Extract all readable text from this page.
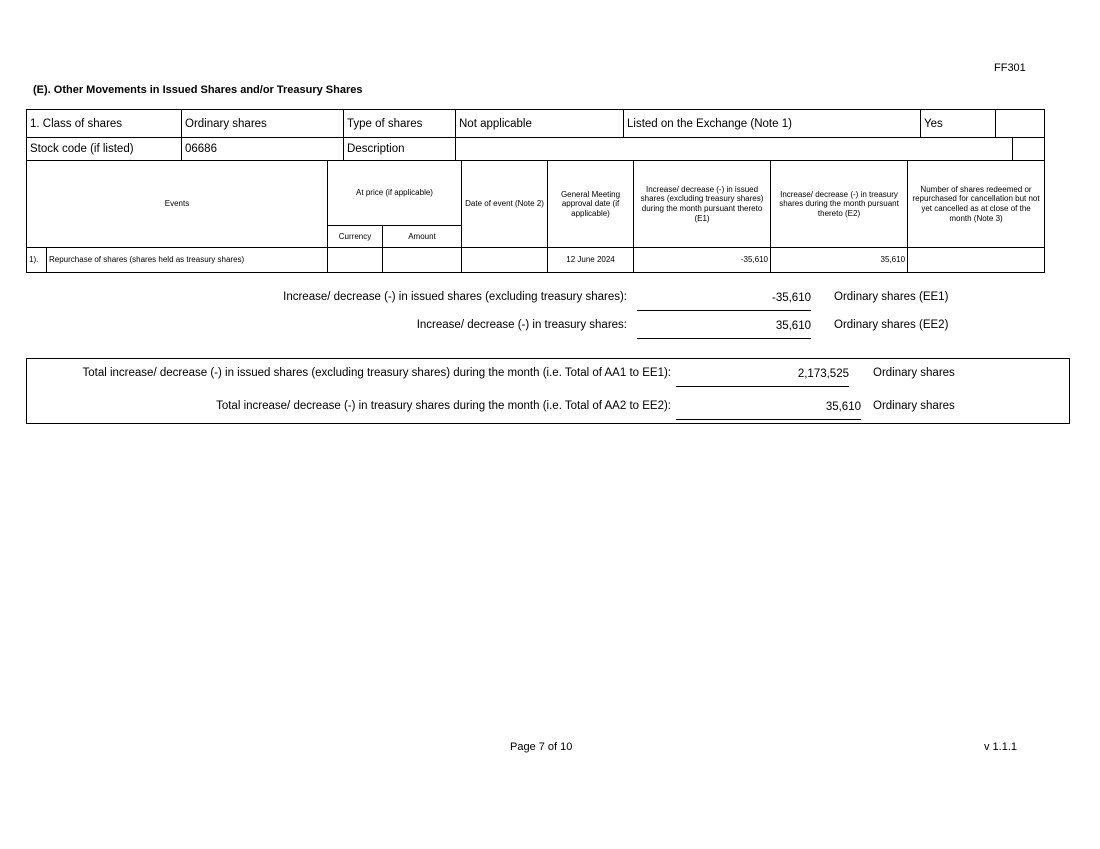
FF301
(E). Other Movements in Issued Shares and/or Treasury Shares
1. Class of shares	Ordinary shares	Type of shares	Not applicable	Listed on the Exchange (Note 1)	Yes	
Stock code (if listed)	06686	Description		
Events		At price (if applicable)		Date of event (Note 2)	General Meeting approval date (if applicable)	Increase/ decrease (-) in issued shares (excluding treasury shares) during the month pursuant thereto (E1)	Increase/ decrease (-) in treasury shares during the month pursuant thereto (E2)	Number of shares redeemed or repurchased for cancellation but not yet cancelled as at close of the month (Note 3)
		Currency	Amount					
1).	Repurchase of shares (shares held as treasury shares)				12 June 2024	-35,610	35,610	
Increase/ decrease (-) in issued shares (excluding treasury shares):	-35,610 Ordinary shares (EE1)
Increase/ decrease (-) in treasury shares:	35,610 Ordinary shares (EE2)
Total increase/ decrease (-) in issued shares (excluding treasury shares) during the month (i.e. Total of AA1 to EE1):	2,173,525 Ordinary shares
Total increase/ decrease (-) in treasury shares during the month (i.e. Total of AA2 to EE2):	35,610 Ordinary shares
Page 7 of 10	v 1.1.1
